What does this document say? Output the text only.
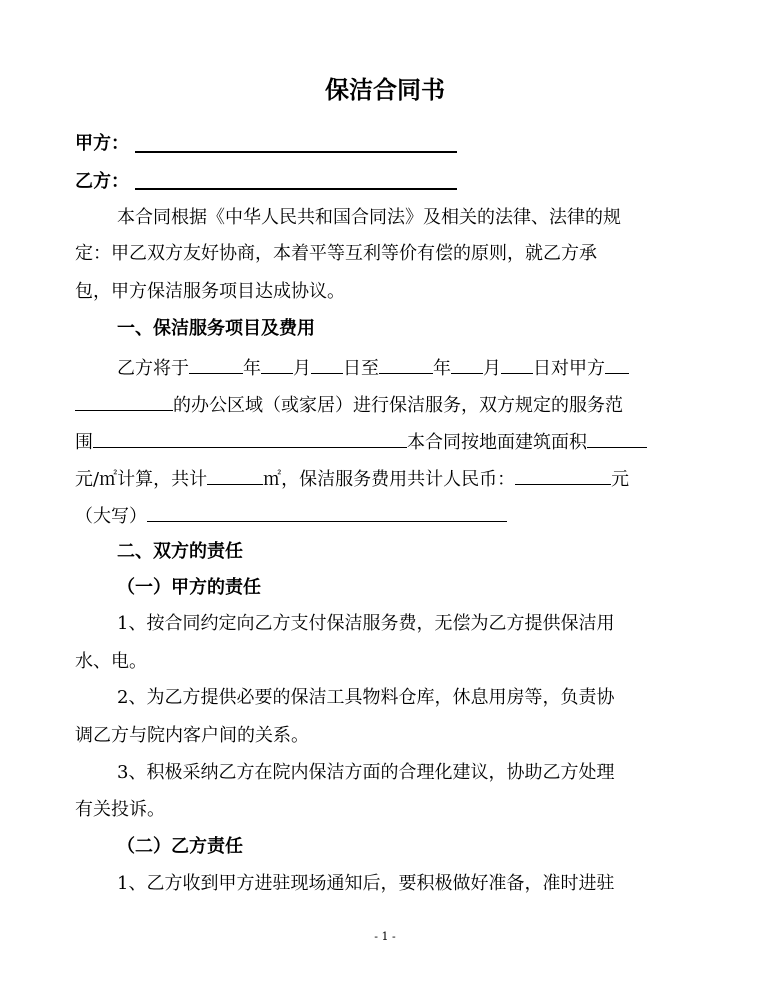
保洁合同书
甲方：
乙方：
本合同根据《中华人民共和国合同法》及相关的法律、法律的规
定：甲乙双方友好协商，本着平等互利等价有偿的原则，就乙方承
包，甲方保洁服务项目达成协议。
一、保洁服务项目及费用
乙方将于	年 月 日至	年 月 日对甲方
的办公区域（或家居）进行保洁服务，双方规定的服务范
围	本合同按地面建筑面积
元/㎡计算，共计	㎡，保洁服务费用共计人民币：	元
（大写）
二、双方的责任
（一）甲方的责任
1、按合同约定向乙方支付保洁服务费，无偿为乙方提供保洁用
水、电。
2、为乙方提供必要的保洁工具物料仓库，休息用房等，负责协
调乙方与院内客户间的关系。
3、积极采纳乙方在院内保洁方面的合理化建议，协助乙方处理
有关投诉。
（二）乙方责任
1、乙方收到甲方进驻现场通知后，要积极做好准备，准时进驻
- 1 -
